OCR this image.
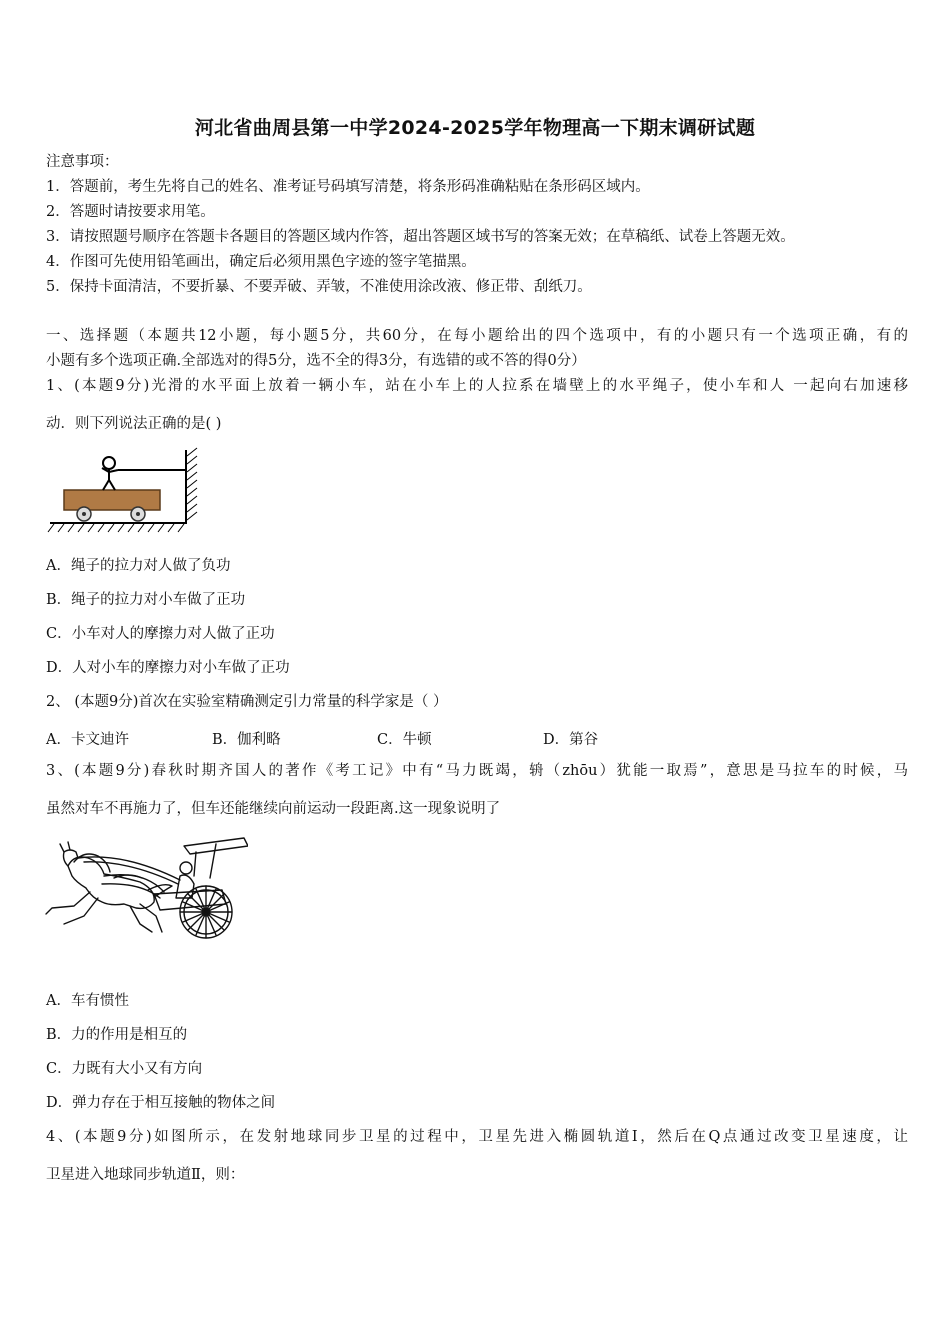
河北省曲周县第一中学2024-2025学年物理高一下期末调研试题
注意事项：
1．答题前，考生先将自己的姓名、准考证号码填写清楚，将条形码准确粘贴在条形码区域内。
2．答题时请按要求用笔。
3．请按照题号顺序在答题卡各题目的答题区域内作答，超出答题区域书写的答案无效；在草稿纸、试卷上答题无效。
4．作图可先使用铅笔画出，确定后必须用黑色字迹的签字笔描黑。
5．保持卡面清洁，不要折暴、不要弄破、弄皱，不准使用涂改液、修正带、刮纸刀。
一、选择题（本题共12小题，每小题5分，共60分，在每小题给出的四个选项中，有的小题只有一个选项正确，有的
小题有多个选项正确.全部选对的得5分，选不全的得3分，有选错的或不答的得0分）
1、(本题9分)光滑的水平面上放着一辆小车，站在小车上的人拉系在墙壁上的水平绳子，使小车和人 一起向右加速移
动．则下列说法正确的是( )
A．绳子的拉力对人做了负功
B．绳子的拉力对小车做了正功
C．小车对人的摩擦力对人做了正功
D．人对小车的摩擦力对小车做了正功
2、 (本题9分)首次在实验室精确测定引力常量的科学家是（ ）
A．卡文迪许	B．伽利略	C．牛顿	D．第谷
3、(本题9分)春秋时期齐国人的著作《考工记》中有“马力既竭，辀（zhōu）犹能一取焉”，意思是马拉车的时候，马
虽然对车不再施力了，但车还能继续向前运动一段距离.这一现象说明了
A．车有惯性
B．力的作用是相互的
C．力既有大小又有方向
D．弹力存在于相互接触的物体之间
4、(本题9分)如图所示，在发射地球同步卫星的过程中，卫星先进入椭圆轨道Ⅰ，然后在Q点通过改变卫星速度，让
卫星进入地球同步轨道Ⅱ，则：
